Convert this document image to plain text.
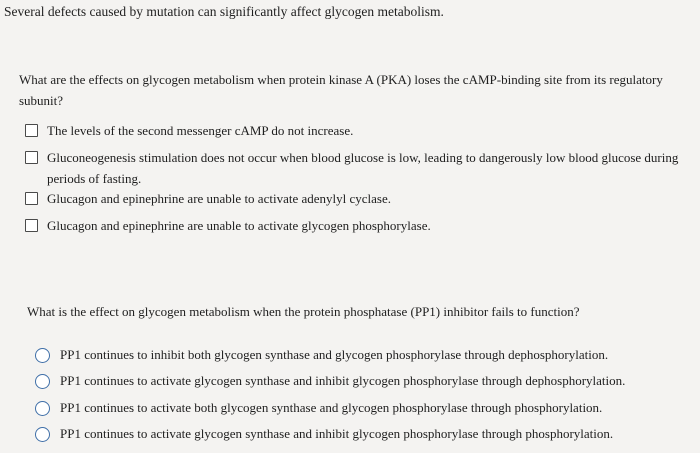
Several defects caused by mutation can significantly affect glycogen metabolism.
What are the effects on glycogen metabolism when protein kinase A (PKA) loses the cAMP-binding site from its regulatory subunit?
The levels of the second messenger cAMP do not increase.
Gluconeogenesis stimulation does not occur when blood glucose is low, leading to dangerously low blood glucose during periods of fasting.
Glucagon and epinephrine are unable to activate adenylyl cyclase.
Glucagon and epinephrine are unable to activate glycogen phosphorylase.
What is the effect on glycogen metabolism when the protein phosphatase (PP1) inhibitor fails to function?
PP1 continues to inhibit both glycogen synthase and glycogen phosphorylase through dephosphorylation.
PP1 continues to activate glycogen synthase and inhibit glycogen phosphorylase through dephosphorylation.
PP1 continues to activate both glycogen synthase and glycogen phosphorylase through phosphorylation.
PP1 continues to activate glycogen synthase and inhibit glycogen phosphorylase through phosphorylation.
